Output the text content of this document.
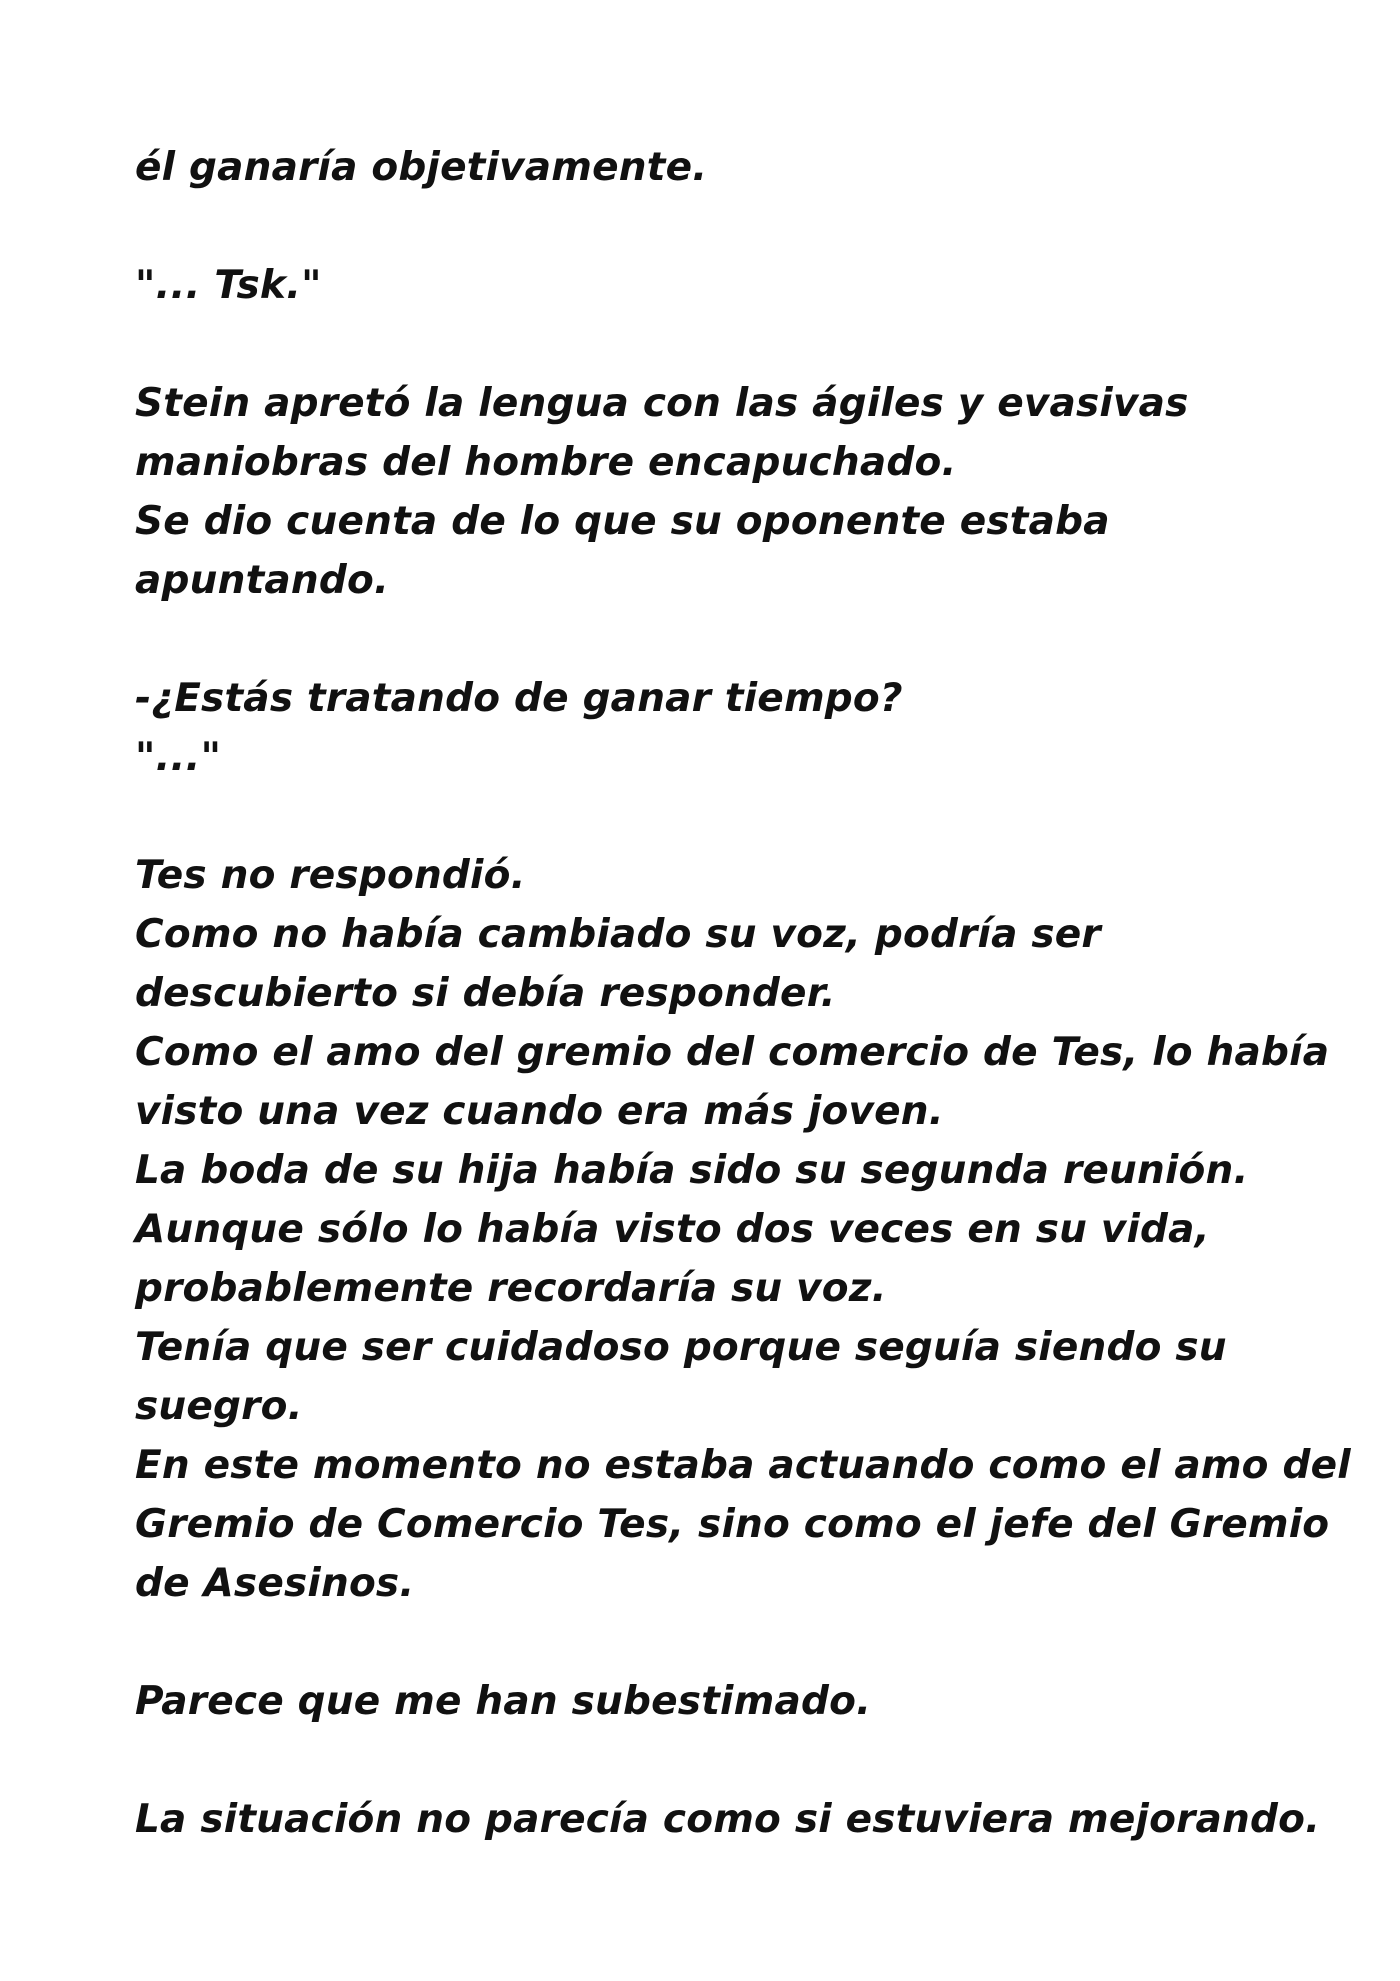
él ganaría objetivamente.
"... Tsk."
Stein apretó la lengua con las ágiles y evasivas
maniobras del hombre encapuchado.
Se dio cuenta de lo que su oponente estaba
apuntando.
-¿Estás tratando de ganar tiempo?
"..."
Tes no respondió.
Como no había cambiado su voz, podría ser
descubierto si debía responder.
Como el amo del gremio del comercio de Tes, lo había
visto una vez cuando era más joven.
La boda de su hija había sido su segunda reunión.
Aunque sólo lo había visto dos veces en su vida,
probablemente recordaría su voz.
Tenía que ser cuidadoso porque seguía siendo su
suegro.
En este momento no estaba actuando como el amo del
Gremio de Comercio Tes, sino como el jefe del Gremio
de Asesinos.
Parece que me han subestimado.
La situación no parecía como si estuviera mejorando.
